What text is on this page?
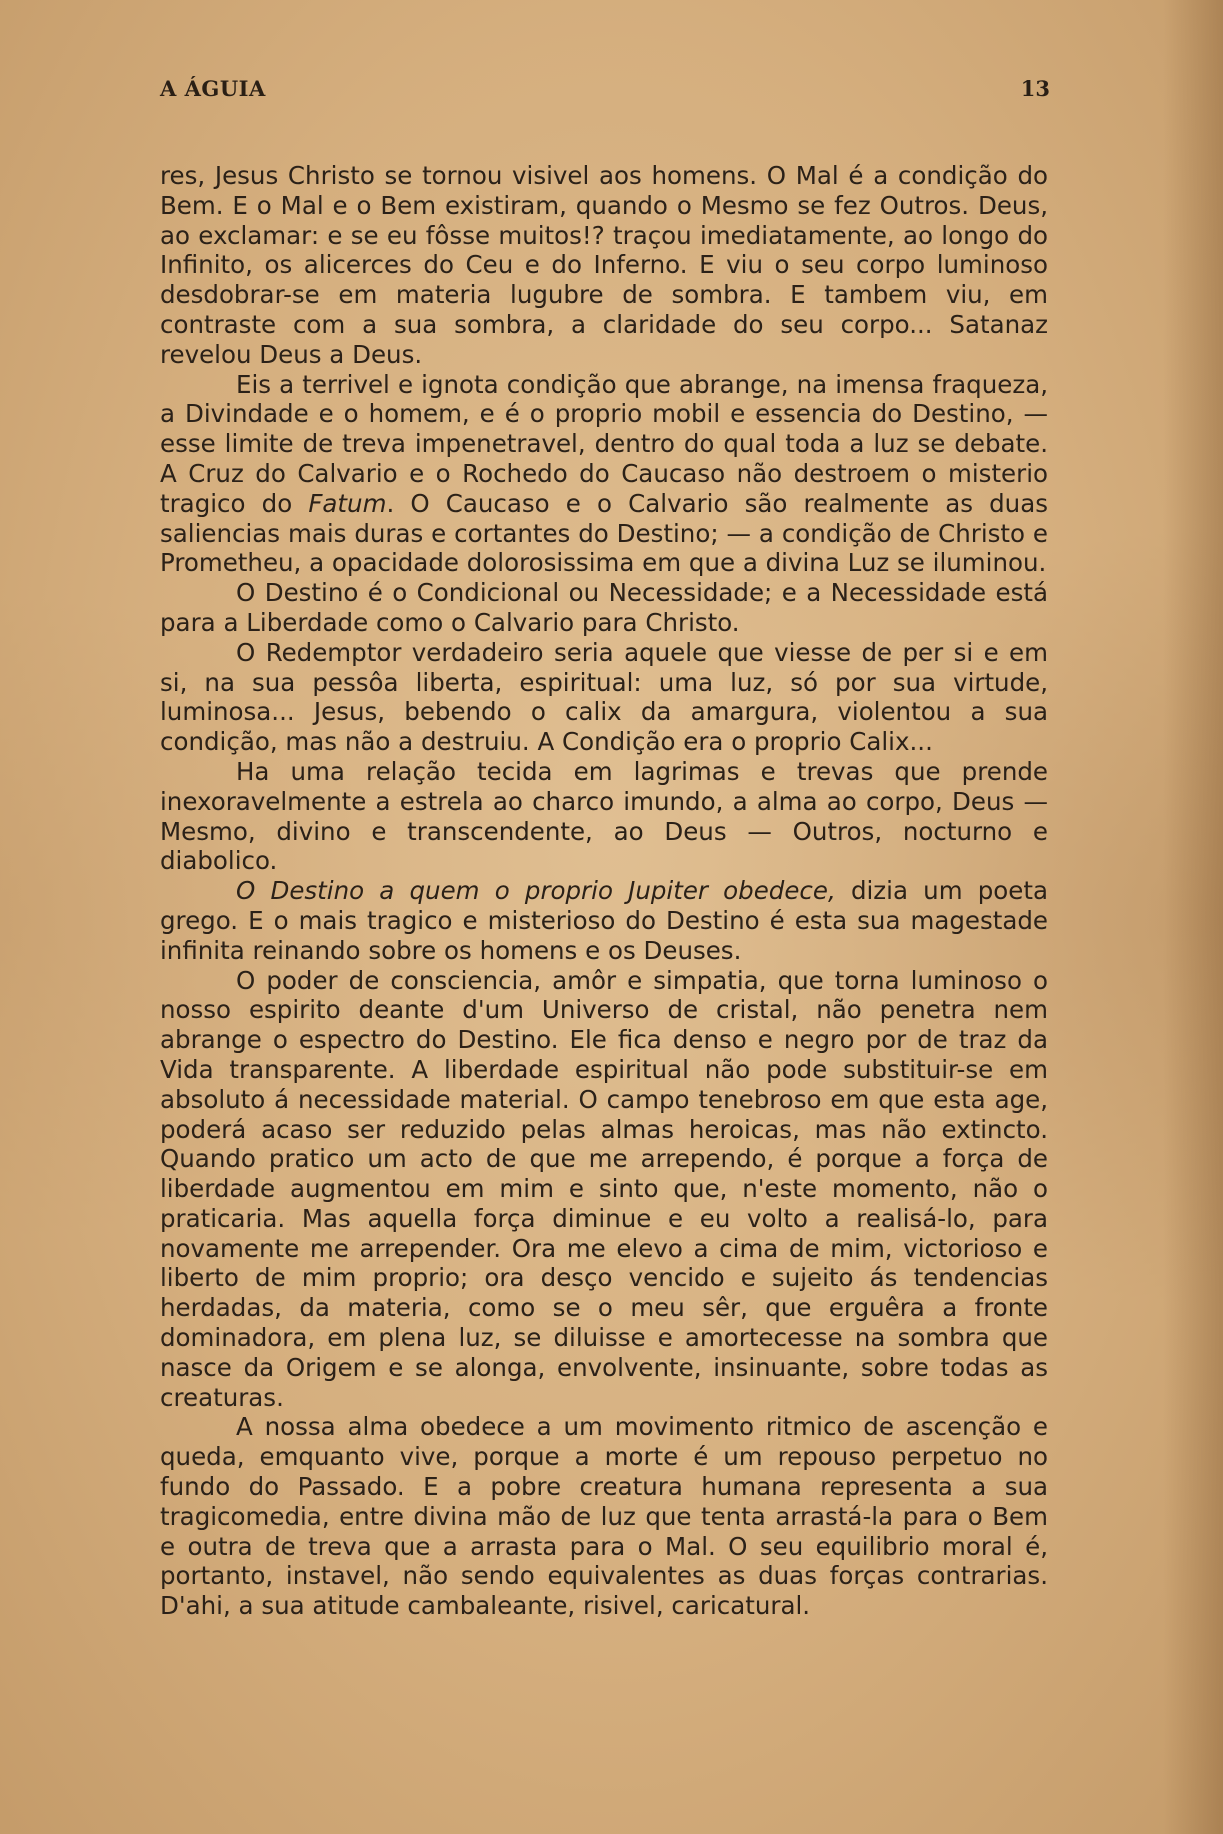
A ÁGUIA	13

res, Jesus Christo se tornou visivel aos homens. O Mal é a condição do Bem. E o Mal e o Bem existiram, quando o Mesmo se fez Outros. Deus, ao exclamar: e se eu fôsse muitos!? traçou imediatamente, ao longo do Infinito, os alicerces do Ceu e do Inferno. E viu o seu corpo luminoso desdobrar-se em materia lugubre de sombra. E tambem viu, em contraste com a sua sombra, a claridade do seu corpo... Satanaz revelou Deus a Deus.

Eis a terrivel e ignota condição que abrange, na imensa fraqueza, a Divindade e o homem, e é o proprio mobil e essencia do Destino, — esse limite de treva impenetravel, dentro do qual toda a luz se debate. A Cruz do Calvario e o Rochedo do Caucaso não destroem o misterio tragico do Fatum. O Caucaso e o Calvario são realmente as duas saliencias mais duras e cortantes do Destino; — a condição de Christo e Prometheu, a opacidade dolorosissima em que a divina Luz se iluminou.

O Destino é o Condicional ou Necessidade; e a Necessidade está para a Liberdade como o Calvario para Christo.

O Redemptor verdadeiro seria aquele que viesse de per si e em si, na sua pessôa liberta, espiritual: uma luz, só por sua virtude, luminosa... Jesus, bebendo o calix da amargura, violentou a sua condição, mas não a destruiu. A Condição era o proprio Calix...

Ha uma relação tecida em lagrimas e trevas que prende inexoravelmente a estrela ao charco imundo, a alma ao corpo, Deus — Mesmo, divino e transcendente, ao Deus — Outros, nocturno e diabolico.

O Destino a quem o proprio Jupiter obedece, dizia um poeta grego. E o mais tragico e misterioso do Destino é esta sua magestade infinita reinando sobre os homens e os Deuses.

O poder de consciencia, amôr e simpatia, que torna luminoso o nosso espirito deante d'um Universo de cristal, não penetra nem abrange o espectro do Destino. Ele fica denso e negro por de traz da Vida transparente. A liberdade espiritual não pode substituir-se em absoluto á necessidade material. O campo tenebroso em que esta age, poderá acaso ser reduzido pelas almas heroicas, mas não extincto. Quando pratico um acto de que me arrependo, é porque a força de liberdade augmentou em mim e sinto que, n'este momento, não o praticaria. Mas aquella força diminue e eu volto a realisá-lo, para novamente me arrepender. Ora me elevo a cima de mim, victorioso e liberto de mim proprio; ora desço vencido e sujeito ás tendencias herdadas, da materia, como se o meu sêr, que erguêra a fronte dominadora, em plena luz, se diluisse e amortecesse na sombra que nasce da Origem e se alonga, envolvente, insinuante, sobre todas as creaturas.

A nossa alma obedece a um movimento ritmico de ascenção e queda, emquanto vive, porque a morte é um repouso perpetuo no fundo do Passado. E a pobre creatura humana representa a sua tragicomedia, entre divina mão de luz que tenta arrastá-la para o Bem e outra de treva que a arrasta para o Mal. O seu equilibrio moral é, portanto, instavel, não sendo equivalentes as duas forças contrarias. D'ahi, a sua atitude cambaleante, risivel, caricatural.
